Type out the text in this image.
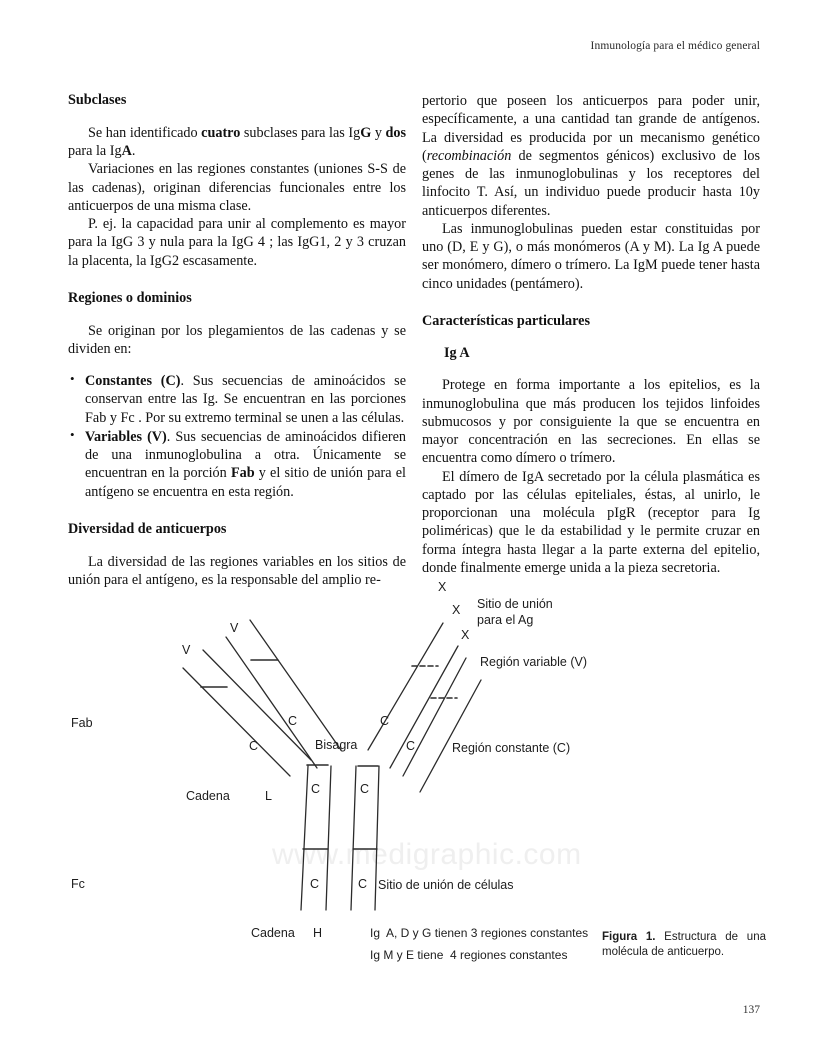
Inmunología para el médico general
Subclases

Se han identificado cuatro subclases para las IgG y dos para la IgA.

Variaciones en las regiones constantes (uniones S-S de las cadenas), originan diferencias funcionales entre los anticuerpos de una misma clase.

P. ej. la capacidad para unir al complemento es mayor para la IgG 3 y nula para la IgG 4 ; las IgG1, 2 y 3 cruzan la placenta, la IgG2 escasamente.

Regiones o dominios

Se originan por los plegamientos de las cadenas y se dividen en:

• Constantes (C). Sus secuencias de aminoácidos se conservan entre las Ig. Se encuentran en las porciones Fab y Fc . Por su extremo terminal se unen a las células.
• Variables (V). Sus secuencias de aminoácidos difieren de una inmunoglobulina a otra. Únicamente se encuentran en la porción Fab y el sitio de unión para el antígeno se encuentra en esta región.
Diversidad de anticuerpos

La diversidad de las regiones variables en los sitios de unión para el antígeno, es la responsable del amplio re-

pertorio que poseen los anticuerpos para poder unir, específicamente, a una cantidad tan grande de antígenos. La diversidad es producida por un mecanismo genético (recombinación de segmentos génicos) exclusivo de los genes de las inmunoglobulinas y los receptores del linfocito T. Así, un individuo puede producir hasta 10y anticuerpos diferentes.

Las inmunoglobulinas pueden estar constituidas por uno (D, E y G), o más monómeros (A y M). La Ig A puede ser monómero, dímero o trímero. La IgM puede tener hasta cinco unidades (pentámero).

Características particulares
Ig A

Protege en forma importante a los epitelios, es la inmunoglobulina que más producen los tejidos linfoides submucosos y por consiguiente la que se encuentra en mayor concentración en las secreciones. En ellas se encuentra como dímero o trímero.

El dímero de IgA secretado por la célula plasmática es captado por las células epiteliales, éstas, al unirlo, le proporcionan una molécula pIgR (receptor para Ig poliméricas) que le da estabilidad y le permite cruzar en forma íntegra hasta llegar a la parte externa del epitelio, donde finalmente emerge unida a la pieza secretoria.

www.medigraphic.com
X
X
X
V
V
C
C	C
C
C	C
C	C
Fab
Fc
Bisagra
Cadena	L
Cadena H
Sitio de unión
para el Ag
Región variable (V)
Región constante (C)
Sitio de unión de células
Ig  A, D y G tienen 3 regiones constantes
Ig M y E tiene  4 regiones constantes
Figura 1. Estructura de una molécula de anticuerpo.
137
